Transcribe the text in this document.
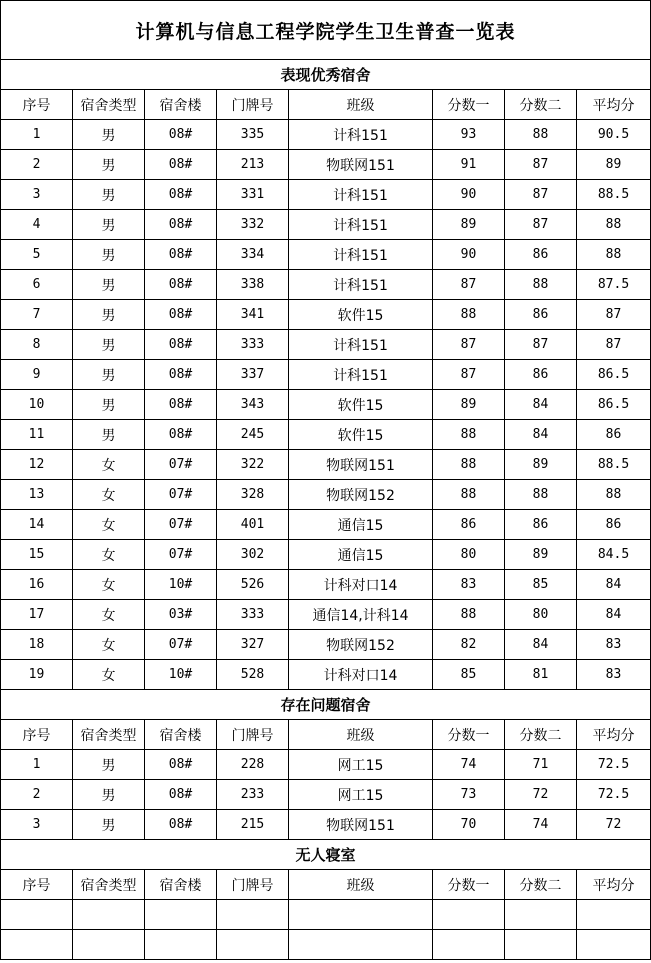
计算机与信息工程学院学生卫生普查一览表							
表现优秀宿舍							
序号	宿舍类型	宿舍楼	门牌号	班级	分数一	分数二	平均分
1	男	08#	335	计科151	93	88	90.5
2	男	08#	213	物联网151	91	87	89
3	男	08#	331	计科151	90	87	88.5
4	男	08#	332	计科151	89	87	88
5	男	08#	334	计科151	90	86	88
6	男	08#	338	计科151	87	88	87.5
7	男	08#	341	软件15	88	86	87
8	男	08#	333	计科151	87	87	87
9	男	08#	337	计科151	87	86	86.5
10	男	08#	343	软件15	89	84	86.5
11	男	08#	245	软件15	88	84	86
12	女	07#	322	物联网151	88	89	88.5
13	女	07#	328	物联网152	88	88	88
14	女	07#	401	通信15	86	86	86
15	女	07#	302	通信15	80	89	84.5
16	女	10#	526	计科对口14	83	85	84
17	女	03#	333	通信14,计科14	88	80	84
18	女	07#	327	物联网152	82	84	83
19	女	10#	528	计科对口14	85	81	83
存在问题宿舍							
序号	宿舍类型	宿舍楼	门牌号	班级	分数一	分数二	平均分
1	男	08#	228	网工15	74	71	72.5
2	男	08#	233	网工15	73	72	72.5
3	男	08#	215	物联网151	70	74	72
无人寝室							
序号	宿舍类型	宿舍楼	门牌号	班级	分数一	分数二	平均分
